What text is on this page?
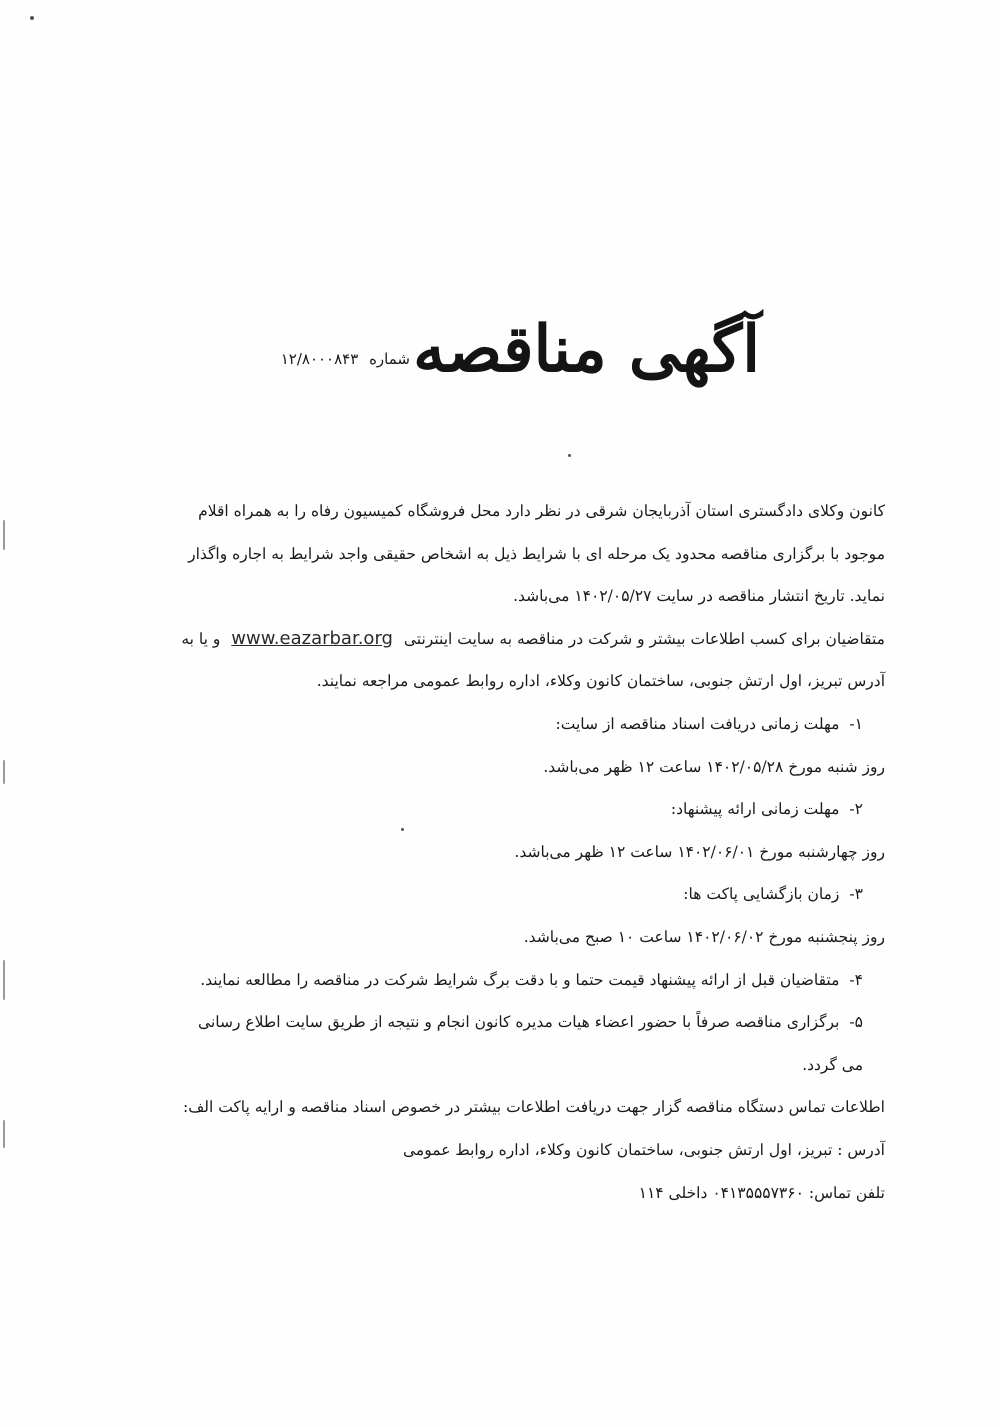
آگهی مناقصه
شماره ۱۲/۸۰۰۰۸۴۳

کانون وکلای دادگستری استان آذربایجان شرقی در نظر دارد محل فروشگاه کمیسیون رفاه را به همراه اقلام

موجود با برگزاری مناقصه محدود یک مرحله ای با شرایط ذیل به اشخاص حقیقی واجد شرایط به اجاره واگذار

نماید. تاریخ انتشار مناقصه در سایت ۱۴۰۲/۰۵/۲۷ می‌باشد.

متقاضیان برای کسب اطلاعات بیشتر و شرکت در مناقصه به سایت اینترنتی www.eazarbar.org و یا به

آدرس تبریز، اول ارتش جنوبی، ساختمان کانون وکلاء، اداره روابط عمومی مراجعه نمایند.

۱-مهلت زمانی دریافت اسناد مناقصه از سایت:

روز شنبه مورخ ۱۴۰۲/۰۵/۲۸ ساعت ۱۲ ظهر می‌باشد.

۲-مهلت زمانی ارائه پیشنهاد:

روز چهارشنبه مورخ ۱۴۰۲/۰۶/۰۱ ساعت ۱۲ ظهر می‌باشد.

۳-زمان بازگشایی پاکت ها:

روز پنجشنبه مورخ ۱۴۰۲/۰۶/۰۲ ساعت ۱۰ صبح می‌باشد.

۴-متقاضیان قبل از ارائه پیشنهاد قیمت حتما و با دقت برگ شرایط شرکت در مناقصه را مطالعه نمایند.

۵-برگزاری مناقصه صرفاً با حضور اعضاء هیات مدیره کانون انجام و نتیجه از طریق سایت اطلاع رسانی

می گردد.

اطلاعات تماس دستگاه مناقصه گزار جهت دریافت اطلاعات بیشتر در خصوص اسناد مناقصه و ارایه پاکت الف:

آدرس : تبریز، اول ارتش جنوبی، ساختمان کانون وکلاء، اداره روابط عمومی

تلفن تماس: ۰۴۱۳۵۵۵۷۳۶۰ داخلی ۱۱۴
